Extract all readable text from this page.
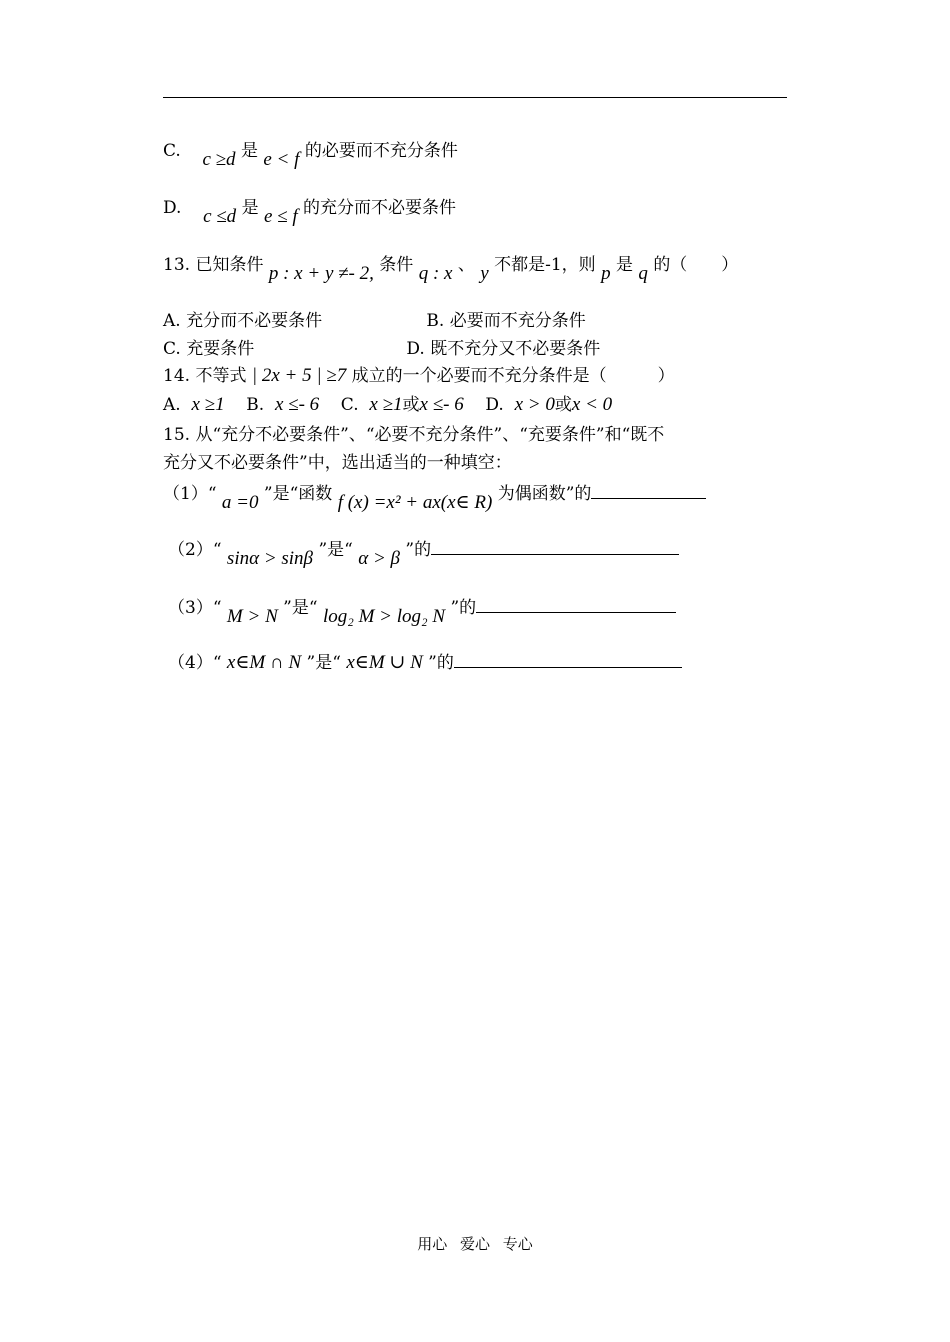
C. c ≥d 是 e < f 的必要而不充分条件
D. c ≤d 是 e ≤ f 的充分而不必要条件
13. 已知条件 p : x + y ≠- 2, 条件 q : x 、 y 不都是-1，则 p 是 q 的（　　）
A. 充分而不必要条件	B. 必要而不充分条件
C. 充要条件	D. 既不充分又不必要条件
14. 不等式 | 2x + 5 | ≥7 成立的一个必要而不充分条件是（　　　）
A. x ≥1 B. x ≤- 6 C. x ≥1或x ≤- 6 D. x > 0或x < 0
15. 从“充分不必要条件”、“必要不充分条件”、“充要条件”和“既不
充分又不必要条件”中，选出适当的一种填空：
（1）“ a =0 ”是“函数 f (x) =x² + ax(x∈ R) 为偶函数”的
（2）“ sinα > sinβ ”是“ α > β ”的
（3）“ M > N ”是“ log₂ M > log₂ N ”的
（4）“ x∈M ∩ N ”是“ x∈M ∪ N ”的
用心 爱心 专心
